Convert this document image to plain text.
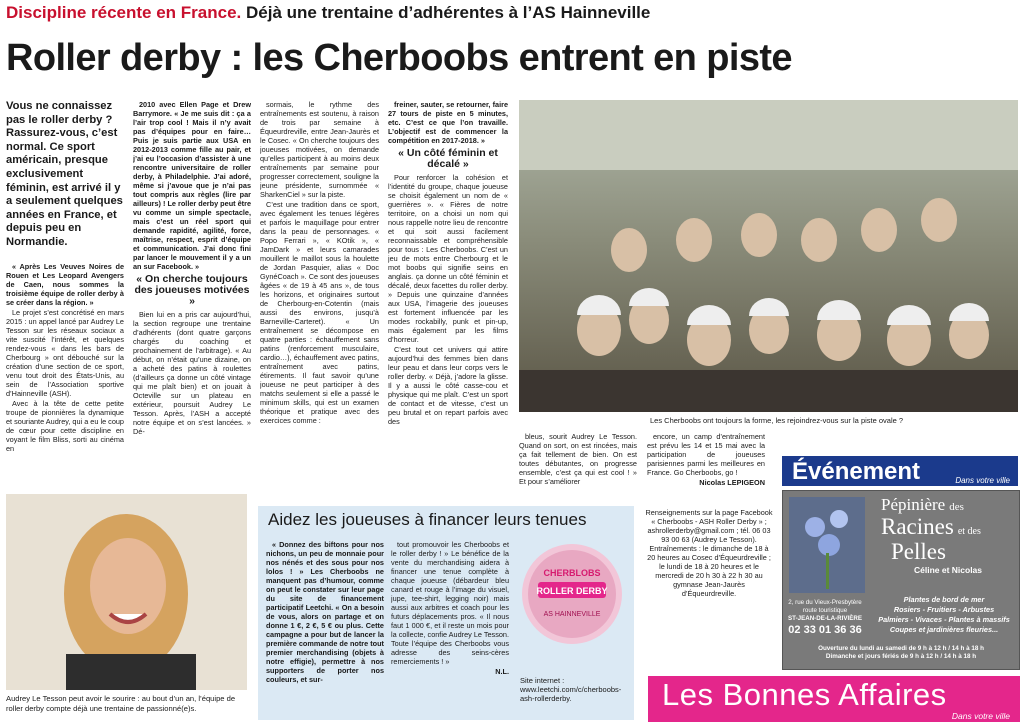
Discipline récente en France. Déjà une trentaine d’adhérentes à l’AS Hainneville
Roller derby : les Cherboobs entrent en piste
Vous ne connaissez pas le roller derby ? Rassurez-vous, c’est normal. Ce sport américain, presque exclusivement féminin, est arrivé il y a seulement quelques années en France, et depuis peu en Normandie.

« Après Les Veuves Noires de Rouen et Les Leopard Avengers de Caen, nous sommes la troisième équipe de roller derby à se créer dans la région. »

Le projet s’est concrétisé en mars 2015 : un appel lancé par Audrey Le Tesson sur les réseaux sociaux a vite suscité l’intérêt, et quelques rendez-vous « dans les bars de Cherbourg » ont débouché sur la création d’une section de ce sport, venu tout droit des États-Unis, au sein de l’Association sportive d’Hainneville (ASH).

Avec à la tête de cette petite troupe de pionnières la dynamique et souriante Audrey, qui a eu le coup de cœur pour cette discipline en voyant le film Bliss, sorti au cinéma en

Audrey Le Tesson peut avoir le sourire : au bout d’un an, l’équipe de roller derby compte déjà une trentaine de passionné(e)s.

2010 avec Ellen Page et Drew Barrymore. « Je me suis dit : ça a l’air trop cool ! Mais il n’y avait pas d’équipes pour en faire… Puis je suis partie aux USA en 2012-2013 comme fille au pair, et j’ai eu l’occasion d’assister à une rencontre universitaire de roller derby, à Philadelphie. J’ai adoré, même si j’avoue que je n’ai pas tout compris aux règles (lire par ailleurs) ! Le roller derby peut être vu comme un simple spectacle, mais c’est un réel sport qui demande rapidité, agilité, force, maîtrise, respect, esprit d’équipe et communication. J’ai donc fini par lancer le mouvement il y a un an sur Facebook. »

« On cherche toujours des joueuses motivées »

Bien lui en a pris car aujourd’hui, la section regroupe une trentaine d’adhérents (dont quatre garçons chargés du coaching et prochainement de l’arbitrage). « Au début, on n’était qu’une dizaine, on a acheté des patins à roulettes (d’ailleurs ça donne un côté vintage qui me plaît bien) et on jouait à Octeville sur un plateau en extérieur, poursuit Audrey Le Tesson. Après, l’ASH a accepté notre équipe et on s’est lancées. » Dé-

sormais, le rythme des entraînements est soutenu, à raison de trois par semaine à Équeurdreville, entre Jean-Jaurès et le Cosec. « On cherche toujours des joueuses motivées, on demande qu’elles participent à au moins deux entraînements par semaine pour progresser correctement, souligne la jeune présidente, surnommée « SharkenCiel » sur la piste.

C’est une tradition dans ce sport, avec également les tenues légères et parfois le maquillage pour entrer dans la peau de personnages. « Popo Ferrari », « KOtik », « JamDark » et leurs camarades mouillent le maillot sous la houlette de Jordan Pasquier, alias « Doc GynéCoach ». Ce sont des joueuses âgées « de 19 à 45 ans », de tous les horizons, et originaires surtout de Cherbourg-en-Cotentin (mais aussi des environs, jusqu’à Barneville-Carteret). « Un entraînement se décompose en quatre parties : échauffement sans patins (renforcement musculaire, cardio…), échauffement avec patins, entraînement avec patins, étirements. Il faut savoir qu’une joueuse ne peut participer à des matchs seulement si elle a passé le minimum skills, qui est un examen théorique et pratique avec des exercices comme :

freiner, sauter, se retourner, faire 27 tours de piste en 5 minutes, etc. C’est ce que l’on travaille. L’objectif est de commencer la compétition en 2017-2018. »

« Un côté féminin et décalé »

Pour renforcer la cohésion et l’identité du groupe, chaque joueuse se choisit également un nom de « guerrières ». « Fières de notre territoire, on a choisi un nom qui nous rappelle notre lieu de rencontre et qui soit aussi facilement reconnaissable et compréhensible pour tous : Les Cherboobs. C’est un jeu de mots entre Cherbourg et le mot boobs qui signifie seins en anglais. ça donne un côté féminin et décalé, deux facettes du roller derby. » Depuis une quinzaine d’années aux USA, l’imagerie des joueuses est fortement influencée par les modes rockabilly, punk et pin-up, mais également par les films d’horreur.

C’est tout cet univers qui attire aujourd’hui des femmes bien dans leur peau et dans leur corps vers le roller derby. « Déjà, j’adore la glisse. Il y a aussi le côté casse-cou et physique qui me plaît. C’est un sport de contact et de vitesse, c’est un peu brutal et on repart parfois avec des	Les Cherboobs ont toujours la forme, les rejoindrez-vous sur la piste ovale ?

bleus, sourit Audrey Le Tesson. Quand on sort, on est rincées, mais ça fait tellement de bien. On est toutes débutantes, on progresse ensemble, c’est ça qui est cool ! » Et pour s’améliorer

encore, un camp d’entraînement est prévu les 14 et 15 mai avec la participation de joueuses parisiennes parmi les meilleures en France. Go Cherboobs, go !

Nicolas LEPIGEON
Aidez les joueuses à financer leurs tenues

« Donnez des biftons pour nos nichons, un peu de monnaie pour nos nénés et des sous pour nos lolos ! » Les Cherboobs ne manquent pas d’humour, comme on peut le constater sur leur page du site de financement participatif Leetchi. « On a besoin de vous, alors on partage et on donne 1 €, 2 €, 5 € ou plus. Cette campagne a pour but de lancer la première commande de notre tout premier merchandising (objets à notre effigie), permettre à nos supporters de porter nos couleurs, et sur-

tout promouvoir les Cherboobs et le roller derby ! » Le bénéfice de la vente du merchandising aidera à financer une tenue complète à chaque joueuse (débardeur bleu canard et rouge à l’image du visuel, jupe, tee-shirt, legging noir) mais aussi aux arbitres et coach pour les futurs déplacements pros. « Il nous faut 1 000 €, et il reste un mois pour la collecte, confie Audrey Le Tesson. Toute l’équipe des Cherboobs vous adresse des seins-cères remerciements ! »

N.L.
CHERBLOBS
ROLLER DERBY
AS HAINNEVILLE
Site internet : www.leetchi.com/c/cherboobs-ash-rollerderby.

Renseignements sur la page Facebook « Cherboobs - ASH Roller Derby » ; ashrollerderby@gmail.com ; tél. 06 03 93 00 63 (Audrey Le Tesson). Entraînements : le dimanche de 18 à 20 heures au Cosec d’Équeurdreville ; le lundi de 18 à 20 heures et le mercredi de 20 h 30 à 22 h 30 au gymnase Jean-Jaurès d’Équeurdreville.

Événement	Dans votre ville
Pépinière des
Racines et des
Pelles
Céline et Nicolas
2, rue du Vieux-Presbytère
route touristique
ST-JEAN-DE-LA-RIVIÈRE
02 33 01 36 36
Plantes de bord de mer
Rosiers - Fruitiers - Arbustes
Palmiers - Vivaces - Plantes à massifs
Coupes et jardinières fleuries...
Ouverture du lundi au samedi de 9 h à 12 h / 14 h à 18 h
Dimanche et jours fériés de 9 h à 12 h / 14 h à 18 h
Les Bonnes Affaires
Dans votre ville
